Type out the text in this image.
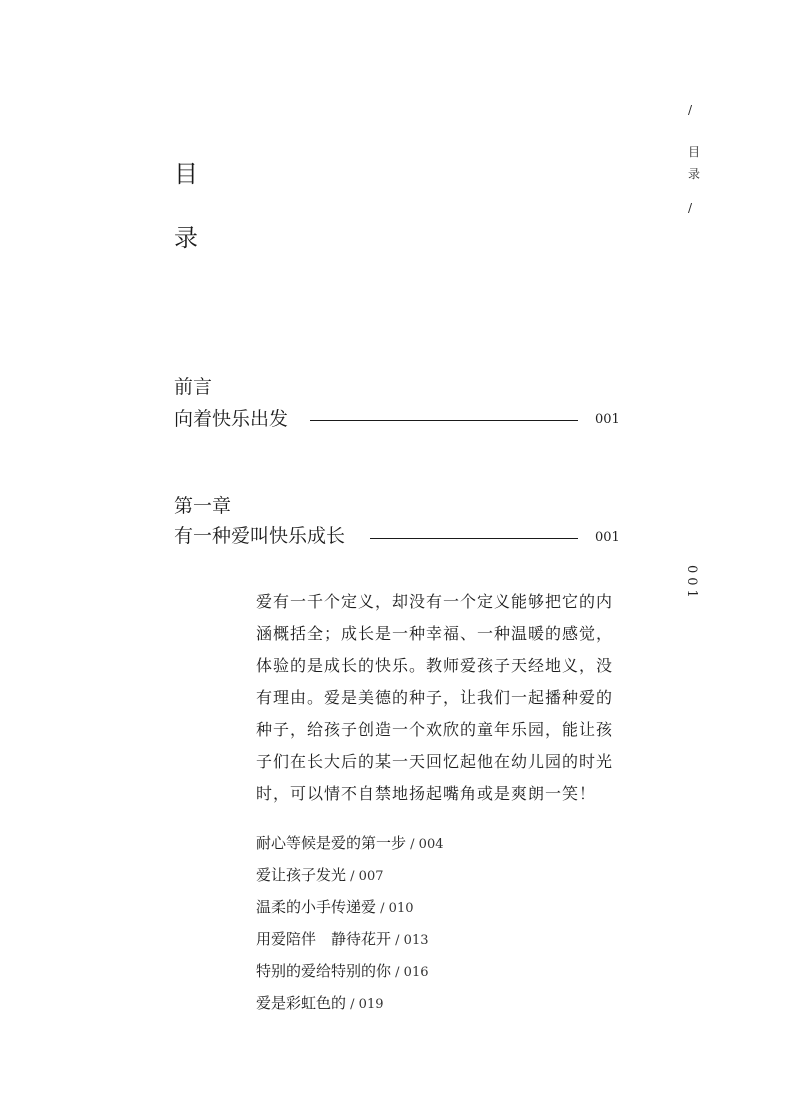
目
录
/
目
录
/
001
前言
向着快乐出发	001
第一章
有一种爱叫快乐成长	001

爱有一千个定义，却没有一个定义能够把它的内涵概括全；成长是一种幸福、一种温暖的感觉，体验的是成长的快乐。教师爱孩子天经地义，没有理由。爱是美德的种子，让我们一起播种爱的种子，给孩子创造一个欢欣的童年乐园，能让孩子们在长大后的某一天回忆起他在幼儿园的时光时，可以情不自禁地扬起嘴角或是爽朗一笑！

耐心等候是爱的第一步 / 004
爱让孩子发光 / 007
温柔的小手传递爱 / 010
用爱陪伴　静待花开 / 013
特别的爱给特别的你 / 016
爱是彩虹色的 / 019
